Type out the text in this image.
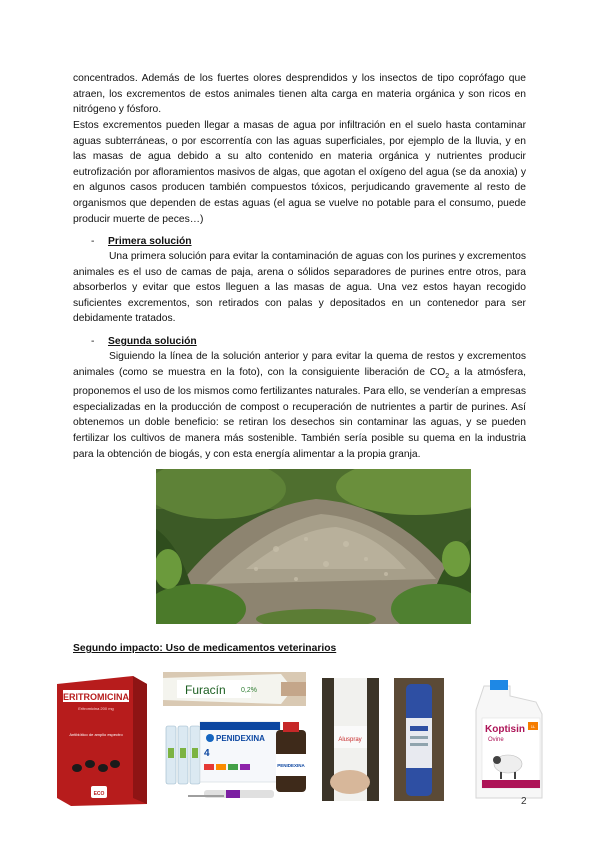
concentrados. Además de los fuertes olores desprendidos y los insectos de tipo coprófago que atraen, los excrementos de estos animales tienen alta carga en materia orgánica y son ricos en nitrógeno y fósforo.
Estos excrementos pueden llegar a masas de agua por infiltración en el suelo hasta contaminar aguas subterráneas, o por escorrentía con las aguas superficiales, por ejemplo de la lluvia, y en las masas de agua debido a su alto contenido en materia orgánica y nutrientes producir eutrofización por afloramientos masivos de algas, que agotan el oxígeno del agua (se da anoxia) y en algunos casos producen también compuestos tóxicos, perjudicando gravemente al resto de organismos que dependen de estas aguas (el agua se vuelve no potable para el consumo, puede producir muerte de peces…)
- Primera solución
Una primera solución para evitar la contaminación de aguas con los purines y excrementos animales es el uso de camas de paja, arena o sólidos separadores de purines entre otros, para absorberlos y evitar que estos lleguen a las masas de agua. Una vez estos hayan recogido suficientes excrementos, son retirados con palas y depositados en un contenedor para ser debidamente tratados.
- Segunda solución
Siguiendo la línea de la solución anterior y para evitar la quema de restos y excrementos animales (como se muestra en la foto), con la consiguiente liberación de $CO_2$ a la atmósfera, proponemos el uso de los mismos como fertilizantes naturales. Para ello, se venderían a empresas especializadas en la producción de compost o recuperación de nutrientes a partir de purines. Así obtenemos un doble beneficio: se retiran los desechos sin contaminar las aguas, y se pueden fertilizar los cultivos de manera más sostenible. También sería posible su quema en la industria para la obtención de biogás, y con esta energía alimentar a la propia granja.
Segundo impacto: Uso de medicamentos veterinarios
ERITROMICINA
Eritromicina 200 mg
Antibiótico de amplio espectro
ECO
Furacín 0,2%
PENIDEXINA
4
PENIDEXINA
Aluspray
Koptisin
Ovine
1L
2
